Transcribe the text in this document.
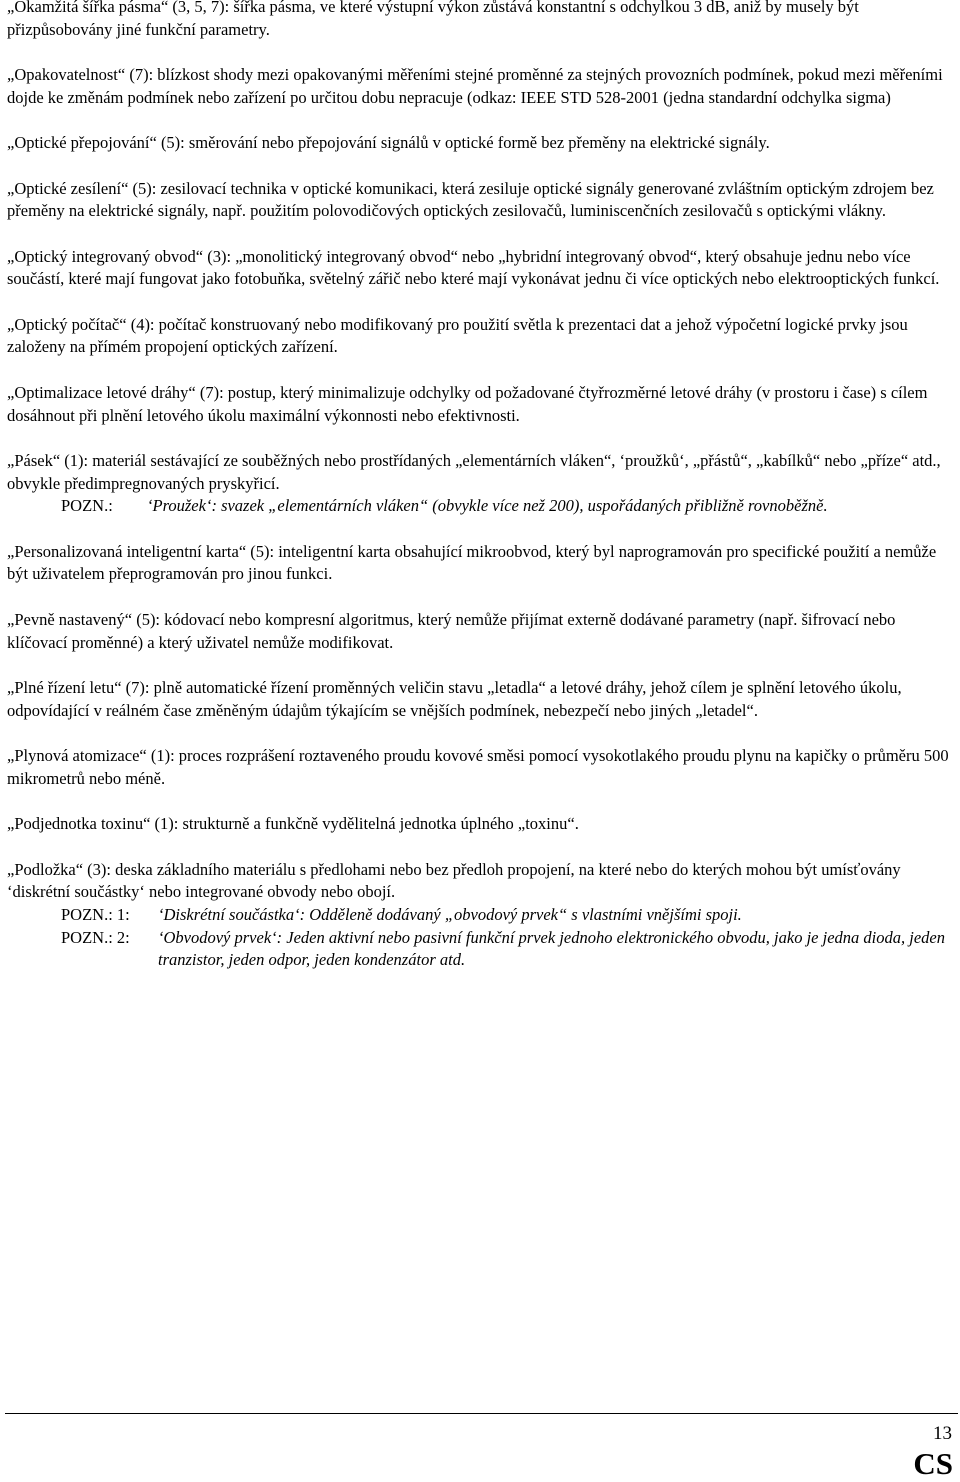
„Okamžitá šířka pásma“ (3, 5, 7): šířka pásma, ve které výstupní výkon zůstává konstantní s odchylkou 3 dB, aniž by musely být přizpůsobovány jiné funkční parametry.

„Opakovatelnost“ (7): blízkost shody mezi opakovanými měřeními stejné proměnné za stejných provozních podmínek, pokud mezi měřeními dojde ke změnám podmínek nebo zařízení po určitou dobu nepracuje (odkaz: IEEE STD 528-2001 (jedna standardní odchylka sigma)

„Optické přepojování“ (5): směrování nebo přepojování signálů v optické formě bez přeměny na elektrické signály.

„Optické zesílení“ (5): zesilovací technika v optické komunikaci, která zesiluje optické signály generované zvláštním optickým zdrojem bez přeměny na elektrické signály, např. použitím polovodičových optických zesilovačů, luminiscenčních zesilovačů s optickými vlákny.

„Optický integrovaný obvod“ (3): „monolitický integrovaný obvod“ nebo „hybridní integrovaný obvod“, který obsahuje jednu nebo více součástí, které mají fungovat jako fotobuňka, světelný zářič nebo které mají vykonávat jednu či více optických nebo elektrooptických funkcí.

„Optický počítač“ (4): počítač konstruovaný nebo modifikovaný pro použití světla k prezentaci dat a jehož výpočetní logické prvky jsou založeny na přímém propojení optických zařízení.

„Optimalizace letové dráhy“ (7): postup, který minimalizuje odchylky od požadované čtyřrozměrné letové dráhy (v prostoru i čase) s cílem dosáhnout při plnění letového úkolu maximální výkonnosti nebo efektivnosti.

„Pásek“ (1): materiál sestávající ze souběžných nebo prostřídaných „elementárních vláken“, ‘proužků‘, „přástů“, „kabílků“ nebo „příze“ atd., obvykle předimpregnovaných pryskyřicí.

POZN.:	‘Proužek‘: svazek „elementárních vláken“ (obvykle více než 200), uspořádaných přibližně rovnoběžně.

„Personalizovaná inteligentní karta“ (5): inteligentní karta obsahující mikroobvod, který byl naprogramován pro specifické použití a nemůže být uživatelem přeprogramován pro jinou funkci.

„Pevně nastavený“ (5): kódovací nebo kompresní algoritmus, který nemůže přijímat externě dodávané parametry (např. šifrovací nebo klíčovací proměnné) a který uživatel nemůže modifikovat.

„Plné řízení letu“ (7): plně automatické řízení proměnných veličin stavu „letadla“ a letové dráhy, jehož cílem je splnění letového úkolu, odpovídající v reálném čase změněným údajům týkajícím se vnějších podmínek, nebezpečí nebo jiných „letadel“.

„Plynová atomizace“ (1): proces rozprášení roztaveného proudu kovové směsi pomocí vysokotlakého proudu plynu na kapičky o průměru 500 mikrometrů nebo méně.

„Podjednotka toxinu“ (1): strukturně a funkčně vydělitelná jednotka úplného „toxinu“.

„Podložka“ (3): deska základního materiálu s předlohami nebo bez předloh propojení, na které nebo do kterých mohou být umísťovány ‘diskrétní součástky‘ nebo integrované obvody nebo obojí.

POZN.: 1:	‘Diskrétní součástka‘: Odděleně dodávaný „obvodový prvek“ s vlastními vnějšími spoji.
POZN.: 2:	‘Obvodový prvek‘: Jeden aktivní nebo pasivní funkční prvek jednoho elektronického obvodu, jako je jedna dioda, jeden tranzistor, jeden odpor, jeden kondenzátor atd.
13
CS
